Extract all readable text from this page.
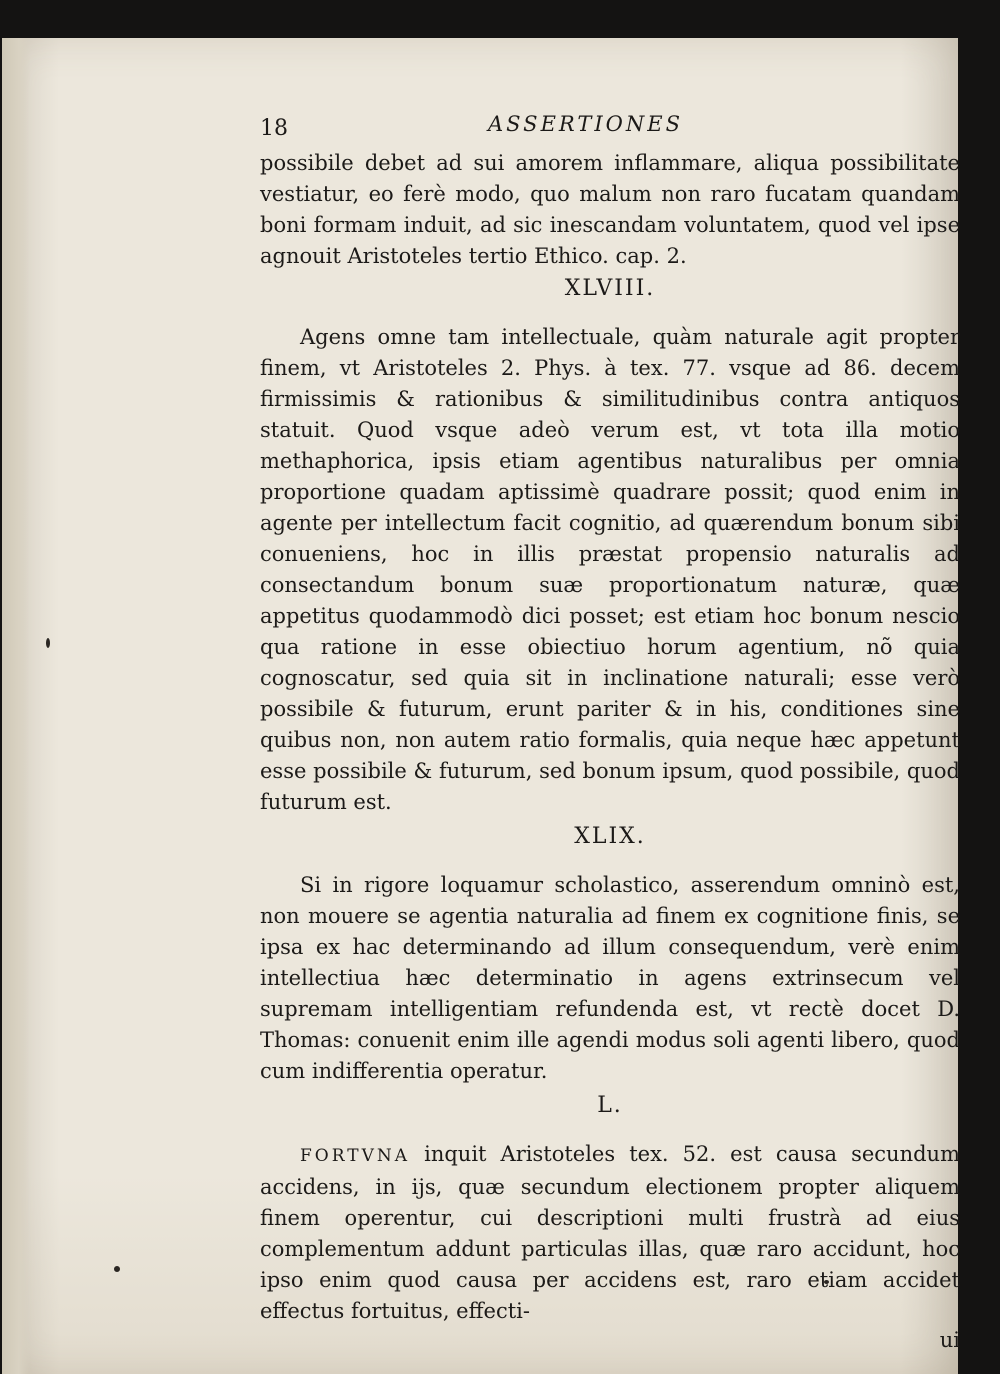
18	ASSERTIONES

possibile debet ad sui amorem inflammare, aliqua possibilitate vestiatur, eo ferè modo, quo malum non raro fucatam quandam boni formam induit, ad sic inescandam voluntatem, quod vel ipse agnouit Aristoteles tertio Ethico. cap. 2.

XLVIII.

Agens omne tam intellectuale, quàm naturale agit propter finem, vt Aristoteles 2. Phys. à tex. 77. vsque ad 86. decem firmissimis & rationibus & similitudinibus contra antiquos statuit. Quod vsque adeò verum est, vt tota illa motio methaphorica, ipsis etiam agentibus naturalibus per omnia proportione quadam aptissimè quadrare possit; quod enim in agente per intellectum facit cognitio, ad quærendum bonum sibi conueniens, hoc in illis præstat propensio naturalis ad consectandum bonum suæ proportionatum naturæ, quæ appetitus quodammodò dici posset; est etiam hoc bonum nescio qua ratione in esse obiectiuo horum agentium, nõ quia cognoscatur, sed quia sit in inclinatione naturali; esse verò possibile & futurum, erunt pariter & in his, conditiones sine quibus non, non autem ratio formalis, quia neque hæc appetunt esse possibile & futurum, sed bonum ipsum, quod possibile, quod futurum est.

XLIX.

Si in rigore loquamur scholastico, asserendum omninò est, non mouere se agentia naturalia ad finem ex cognitione finis, se ipsa ex hac determinando ad illum consequendum, verè enim intellectiua hæc determinatio in agens extrinsecum vel supremam intelligentiam refundenda est, vt rectè docet D. Thomas: conuenit enim ille agendi modus soli agenti libero, quod cum indifferentia operatur.

L.

FORTVNA inquit Aristoteles tex. 52. est causa secundum accidens, in ijs, quæ secundum electionem propter aliquem finem operentur, cui descriptioni multi frustrà ad eius complementum addunt particulas illas, quæ raro accidunt, hoc ipso enim quod causa per accidens est, raro etiam accidet effectus fortuitus, effecti-

ui
